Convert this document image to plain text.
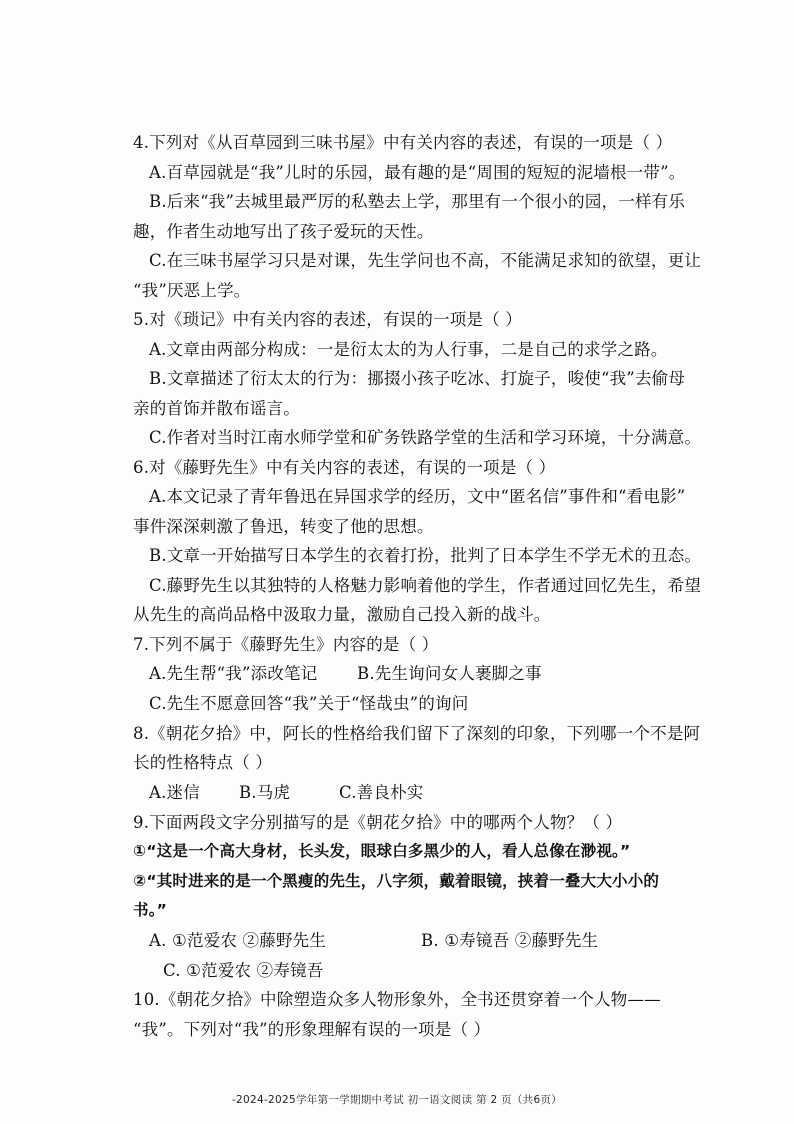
4.下列对《从百草园到三味书屋》中有关内容的表述，有误的一项是（ ）
A.百草园就是“我”儿时的乐园，最有趣的是“周围的短短的泥墙根一带”。
B.后来“我”去城里最严厉的私塾去上学，那里有一个很小的园，一样有乐
趣，作者生动地写出了孩子爱玩的天性。
C.在三味书屋学习只是对课，先生学问也不高，不能满足求知的欲望，更让
“我”厌恶上学。
5.对《琐记》中有关内容的表述，有误的一项是（ ）
A.文章由两部分构成：一是衍太太的为人行事，二是自己的求学之路。
B.文章描述了衍太太的行为：挪掇小孩子吃冰、打旋子，唆使“我”去偷母
亲的首饰并散布谣言。
C.作者对当时江南水师学堂和矿务铁路学堂的生活和学习环境，十分满意。
6.对《藤野先生》中有关内容的表述，有误的一项是（ ）
A.本文记录了青年鲁迅在异国求学的经历，文中“匿名信”事件和“看电影”
事件深深刺激了鲁迅，转变了他的思想。
B.文章一开始描写日本学生的衣着打扮，批判了日本学生不学无术的丑态。
C.藤野先生以其独特的人格魅力影响着他的学生，作者通过回忆先生，希望
从先生的高尚品格中汲取力量，激励自己投入新的战斗。
7.下列不属于《藤野先生》内容的是（ ）
A.先生帮“我”添改笔记	B.先生询问女人裹脚之事
C.先生不愿意回答“我”关于“怪哉虫”的询问
8.《朝花夕拾》中，阿长的性格给我们留下了深刻的印象，下列哪一个不是阿
长的性格特点（ ）
A.迷信	B.马虎	C.善良朴实
9.下面两段文字分别描写的是《朝花夕拾》中的哪两个人物？（ ）
①“这是一个高大身材，长头发，眼球白多黑少的人，看人总像在渺视。”
②“其时进来的是一个黑瘦的先生，八字须，戴着眼镜，挟着一叠大大小小的
书。”
A. ①范爱农 ②藤野先生	B. ①寿镜吾 ②藤野先生
C. ①范爱农 ②寿镜吾
10.《朝花夕拾》中除塑造众多人物形象外，全书还贯穿着一个人物——
“我”。下列对“我”的形象理解有误的一项是（ ）
-2024-2025学年第一学期期中考试 初一语文阅读 第 2 页（共6页）
